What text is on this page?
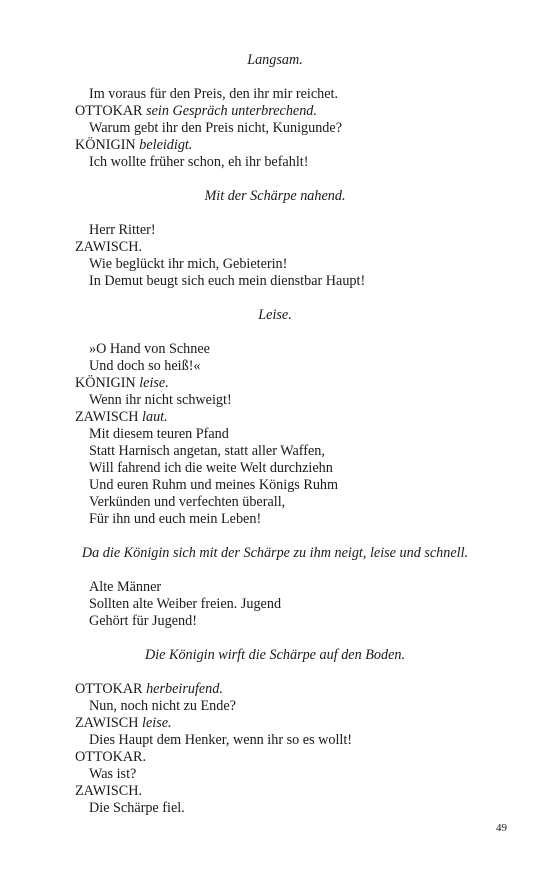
Langsam.
Im voraus für den Preis, den ihr mir reichet.
OTTOKAR sein Gespräch unterbrechend.
Warum gebt ihr den Preis nicht, Kunigunde?
KÖNIGIN beleidigt.
Ich wollte früher schon, eh ihr befahlt!
Mit der Schärpe nahend.
Herr Ritter!
ZAWISCH.
Wie beglückt ihr mich, Gebieterin!
In Demut beugt sich euch mein dienstbar Haupt!
Leise.
»O Hand von Schnee
Und doch so heiß!«
KÖNIGIN leise.
Wenn ihr nicht schweigt!
ZAWISCH laut.
Mit diesem teuren Pfand
Statt Harnisch angetan, statt aller Waffen,
Will fahrend ich die weite Welt durchziehn
Und euren Ruhm und meines Königs Ruhm
Verkünden und verfechten überall,
Für ihn und euch mein Leben!
Da die Königin sich mit der Schärpe zu ihm neigt, leise und schnell.
Alte Männer
Sollten alte Weiber freien. Jugend
Gehört für Jugend!
Die Königin wirft die Schärpe auf den Boden.
OTTOKAR herbeirufend.
Nun, noch nicht zu Ende?
ZAWISCH leise.
Dies Haupt dem Henker, wenn ihr so es wollt!
OTTOKAR.
Was ist?
ZAWISCH.
Die Schärpe fiel.
49
